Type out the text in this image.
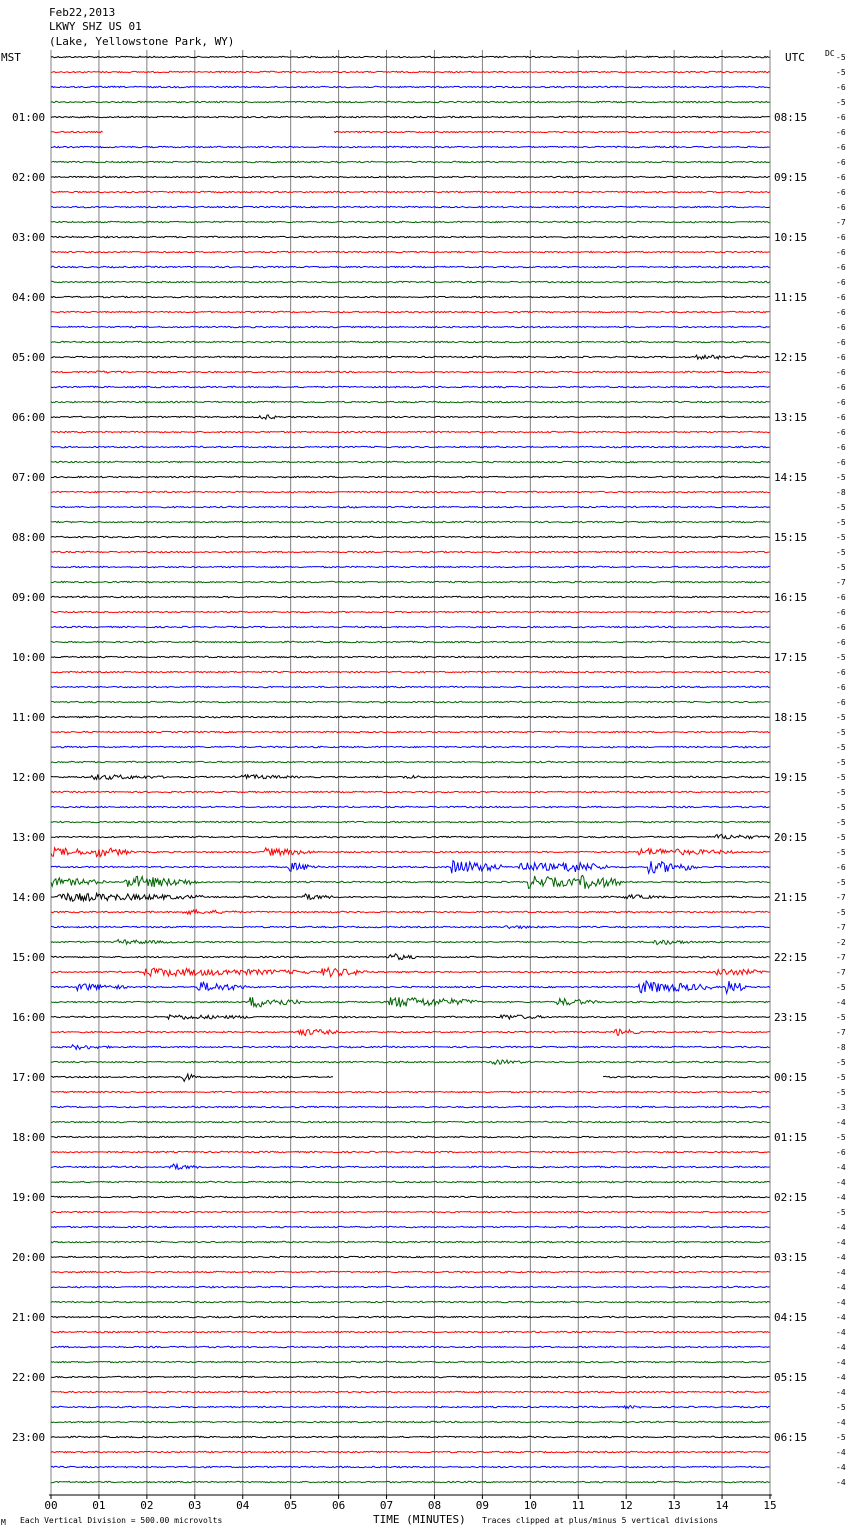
Feb22,2013
LKWY SHZ US 01
(Lake, Yellowstone Park, WY)
MST	UTC	DC
01:00
02:00
03:00
04:00
05:00
06:00
07:00
08:00
09:00
10:00
11:00
12:00
13:00
14:00
15:00
16:00
17:00
18:00
19:00
20:00
21:00
22:00
23:00
08:15
09:15
10:15
11:15
12:15
13:15
14:15
15:15
16:15
17:15
18:15
19:15
20:15
21:15
22:15
23:15
00:15
01:15
02:15
03:15
04:15
05:15
06:15
-5
-5
-6
-5
-6
-6
-6
-6
-6
-6
-6
-7
-6
-6
-6
-6
-6
-6
-6
-6
-6
-6
-6
-6
-6
-6
-6
-6
-5
-8
-5
-5
-5
-5
-5
-7
-6
-6
-6
-6
-5
-6
-6
-6
-5
-5
-5
-5
-5
-5
-5
-5
-5
-5
-6
-5
-7
-5
-7
-2
-7
-7
-5
-4
-5
-7
-8
-5
-5
-5
-3
-4
-5
-6
-4
-4
-4
-5
-4
-4
-4
-4
-4
-4
-4
-4
-4
-4
-4
-4
-5
-4
-5
-4
-4
-4
00	01	02	03	04	05	06	07	08	09	10	11	12	13	14	15
TIME (MINUTES)
Each Vertical Division = 500.00 microvolts	Traces clipped at plus/minus 5 vertical divisions
M
